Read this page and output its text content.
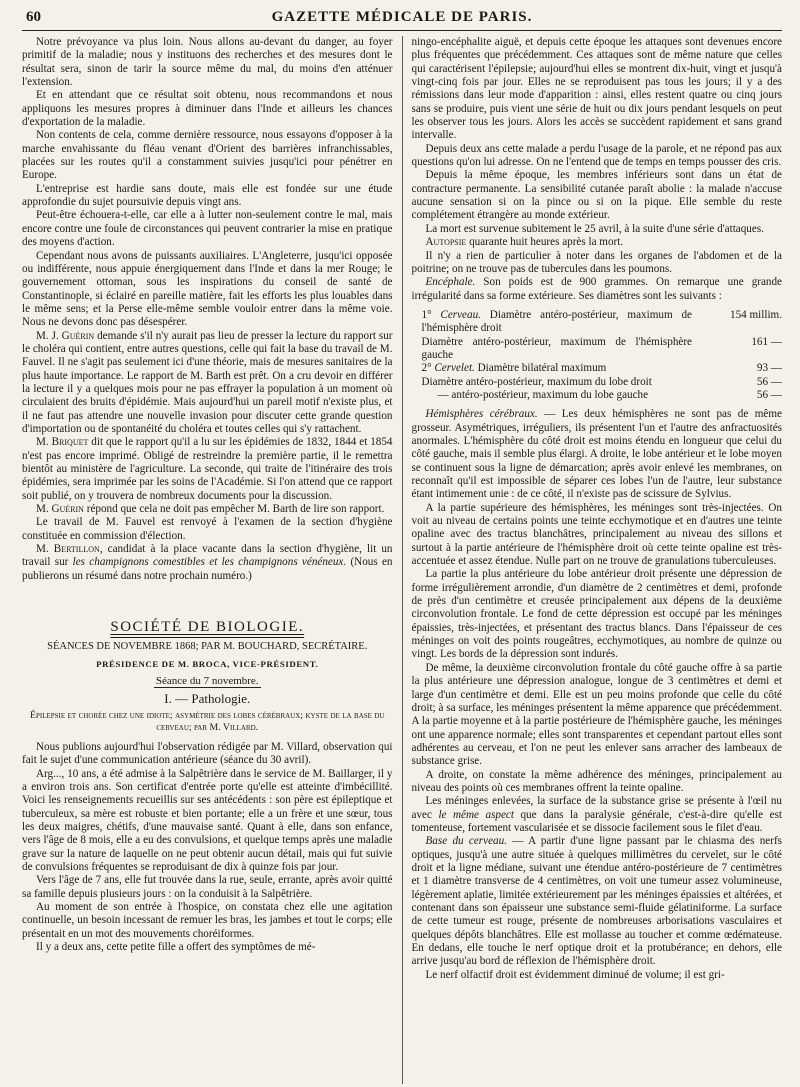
60	GAZETTE MÉDICALE DE PARIS.

Notre prévoyance va plus loin. Nous allons au-devant du danger, au foyer primitif de la maladie; nous y instituons des recherches et des mesures dont le résultat sera, sinon de tarir la source même du mal, du moins d'en atténuer l'extension.

Et en attendant que ce résultat soit obtenu, nous recommandons et nous appliquons les mesures propres à diminuer dans l'Inde et ailleurs les chances d'exportation de la maladie.

Non contents de cela, comme dernière ressource, nous essayons d'opposer à la marche envahissante du fléau venant d'Orient des barrières infranchissables, placées sur les routes qu'il a constamment suivies jusqu'ici pour pénétrer en Europe.

L'entreprise est hardie sans doute, mais elle est fondée sur une étude approfondie du sujet poursuivie depuis vingt ans.

Peut-être échouera-t-elle, car elle a à lutter non-seulement contre le mal, mais encore contre une foule de circonstances qui peuvent contrarier la mise en pratique des moyens d'action.

Cependant nous avons de puissants auxiliaires. L'Angleterre, jusqu'ici opposée ou indifférente, nous appuie énergiquement dans l'Inde et dans la mer Rouge; le gouvernement ottoman, sous les inspirations du conseil de santé de Constantinople, si éclairé en pareille matière, fait les efforts les plus louables dans le même sens; et la Perse elle-même semble vouloir entrer dans la même voie. Nous ne devons donc pas désespérer.

M. J. Guérin demande s'il n'y aurait pas lieu de presser la lecture du rapport sur le choléra qui contient, entre autres questions, celle qui fait la base du travail de M. Fauvel. Il ne s'agit pas seulement ici d'une théorie, mais de mesures sanitaires de la plus haute importance. Le rapport de M. Barth est prêt. On a cru devoir en différer la lecture il y a quelques mois pour ne pas effrayer la population à un moment où circulaient des bruits d'épidémie. Mais aujourd'hui un pareil motif n'existe plus, et il ne faut pas attendre une nouvelle invasion pour discuter cette grande question d'importation ou de spontanéité du choléra et toutes celles qui s'y rattachent.

M. Briquet dit que le rapport qu'il a lu sur les épidémies de 1832, 1844 et 1854 n'est pas encore imprimé. Obligé de restreindre la première partie, il le remettra bientôt au ministère de l'agriculture. La seconde, qui traite de l'itinéraire des trois épidémies, sera imprimée par les soins de l'Académie. Si l'on attend que ce rapport soit publié, on y trouvera de nombreux documents pour la discussion.

M. Guérin répond que cela ne doit pas empêcher M. Barth de lire son rapport.

Le travail de M. Fauvel est renvoyé à l'examen de la section d'hygiène constituée en commission d'élection.

M. Bertillon, candidat à la place vacante dans la section d'hygiène, lit un travail sur les champignons comestibles et les champignons vénéneux. (Nous en publierons un résumé dans notre prochain numéro.)

SOCIÉTÉ DE BIOLOGIE.

SÉANCES DE NOVEMBRE 1868; PAR M. BOUCHARD, SECRÉTAIRE.

PRÉSIDENCE DE M. BROCA, VICE-PRÉSIDENT.

Séance du 7 novembre.

I. — Pathologie.

Épilepsie et chorée chez une idiote; asymétrie des lobes cérébraux; kyste de la base du cerveau; par M. Villard.

Nous publions aujourd'hui l'observation rédigée par M. Villard, observation qui fait le sujet d'une communication antérieure (séance du 30 avril).

Arg..., 10 ans, a été admise à la Salpêtrière dans le service de M. Baillarger, il y a environ trois ans. Son certificat d'entrée porte qu'elle est atteinte d'imbécillité. Voici les renseignements recueillis sur ses antécédents : son père est épileptique et tuberculeux, sa mère est robuste et bien portante; elle a un frère et une sœur, tous les deux maigres, chétifs, d'une mauvaise santé. Quant à elle, dans son enfance, vers l'âge de 8 mois, elle a eu des convulsions, et quelque temps après une maladie grave sur la nature de laquelle on ne peut obtenir aucun détail, mais qui fut suivie de convulsions fréquentes se reproduisant de dix à quinze fois par jour.

Vers l'âge de 7 ans, elle fut trouvée dans la rue, seule, errante, après avoir quitté sa famille depuis plusieurs jours : on la conduisit à la Salpêtrière.

Au moment de son entrée à l'hospice, on constata chez elle une agitation continuelle, un besoin incessant de remuer les bras, les jambes et tout le corps; elle présentait en un mot des mouvements choréiformes.

Il y a deux ans, cette petite fille a offert des symptômes de mé-

ningo-encéphalite aiguë, et depuis cette époque les attaques sont devenues encore plus fréquentes que précédemment. Ces attaques sont de même nature que celles qui caractérisent l'épilepsie; aujourd'hui elles se montrent dix-huit, vingt et jusqu'à vingt-cinq fois par jour. Elles ne se reproduisent pas tous les jours; il y a des rémissions dans leur mode d'apparition : ainsi, elles restent quatre ou cinq jours sans se produire, puis vient une série de huit ou dix jours pendant lesquels on peut les observer tous les jours. Alors les accès se succèdent rapidement et sans grand intervalle.

Depuis deux ans cette malade a perdu l'usage de la parole, et ne répond pas aux questions qu'on lui adresse. On ne l'entend que de temps en temps pousser des cris.

Depuis la même époque, les membres inférieurs sont dans un état de contracture permanente. La sensibilité cutanée paraît abolie : la malade n'accuse aucune sensation si on la pince ou si on la pique. Elle semble du reste complétement étrangère au monde extérieur.

La mort est survenue subitement le 25 avril, à la suite d'une série d'attaques.

Autopsie quarante huit heures après la mort.

Il n'y a rien de particulier à noter dans les organes de l'abdomen et de la poitrine; on ne trouve pas de tubercules dans les poumons.

Encéphale. Son poids est de 900 grammes. On remarque une grande irrégularité dans sa forme extérieure. Ses diamètres sont les suivants :

1° Cerveau. Diamètre antéro-postérieur, maximum de l'hémisphère droit	154 millim.
Diamètre antéro-postérieur, maximum de l'hémisphère gauche	161 —
2° Cervelet. Diamètre bilatéral maximum	93 —
Diamètre antéro-postérieur, maximum du lobe droit	56 —
— antéro-postérieur, maximum du lobe gauche	56 —

Hémisphères cérébraux. — Les deux hémisphères ne sont pas de même grosseur. Asymétriques, irréguliers, ils présentent l'un et l'autre des anfractuosités anormales. L'hémisphère du côté droit est moins étendu en longueur que celui du côté gauche, mais il semble plus élargi. A droite, le lobe antérieur et le lobe moyen se continuent sous la ligne de démarcation; après avoir enlevé les membranes, on reconnaît qu'il est impossible de séparer ces lobes l'un de l'autre, leur substance étant intimement unie : de ce côté, il n'existe pas de scissure de Sylvius.

A la partie supérieure des hémisphères, les méninges sont très-injectées. On voit au niveau de certains points une teinte ecchymotique et en d'autres une teinte opaline avec des tractus blanchâtres, principalement au niveau des sillons et surtout à la partie antérieure de l'hémisphère droit où cette teinte opaline est très-accentuée et assez étendue. Nulle part on ne trouve de granulations tuberculeuses.

La partie la plus antérieure du lobe antérieur droit présente une dépression de forme irrégulièrement arrondie, d'un diamètre de 2 centimètres et demi, profonde de près d'un centimètre et creusée principalement aux dépens de la deuxième circonvolution frontale. Le fond de cette dépression est occupé par les méninges épaissies, très-injectées, et présentant des tractus blancs. Dans l'épaisseur de ces méninges on voit des points rougeâtres, ecchymotiques, au nombre de quinze ou vingt. Les bords de la dépression sont indurés.

De même, la deuxième circonvolution frontale du côté gauche offre à sa partie la plus antérieure une dépression analogue, longue de 3 centimètres et demi et large d'un centimètre et demi. Elle est un peu moins profonde que celle du côté droit; à sa surface, les méninges présentent la même apparence que précédemment. A la partie moyenne et à la partie postérieure de l'hémisphère gauche, les méninges ont une apparence normale; elles sont transparentes et cependant partout elles sont adhérentes au cerveau, et l'on ne peut les enlever sans arracher des lambeaux de substance grise.

A droite, on constate la même adhérence des méninges, principalement au niveau des points où ces membranes offrent la teinte opaline.

Les méninges enlevées, la surface de la substance grise se présente à l'œil nu avec le même aspect que dans la paralysie générale, c'est-à-dire qu'elle est tomenteuse, fortement vascularisée et se dissocie facilement sous le filet d'eau.

Base du cerveau. — A partir d'une ligne passant par le chiasma des nerfs optiques, jusqu'à une autre située à quelques millimètres du cervelet, sur le côté droit et la ligne médiane, suivant une étendue antéro-postérieure de 7 centimètres et 1 diamètre transverse de 4 centimètres, on voit une tumeur assez volumineuse, légèrement aplatie, limitée extérieurement par les méninges épaissies et altérées, et contenant dans son épaisseur une substance semi-fluide gélatiniforme. La surface de cette tumeur est rouge, présente de nombreuses arborisations vasculaires et quelques dépôts blanchâtres. Elle est mollasse au toucher et comme œdémateuse. En dedans, elle touche le nerf optique droit et la protubérance; en dehors, elle arrive jusqu'au bord de réflexion de l'hémisphère droit.

Le nerf olfactif droit est évidemment diminué de volume; il est gri-
